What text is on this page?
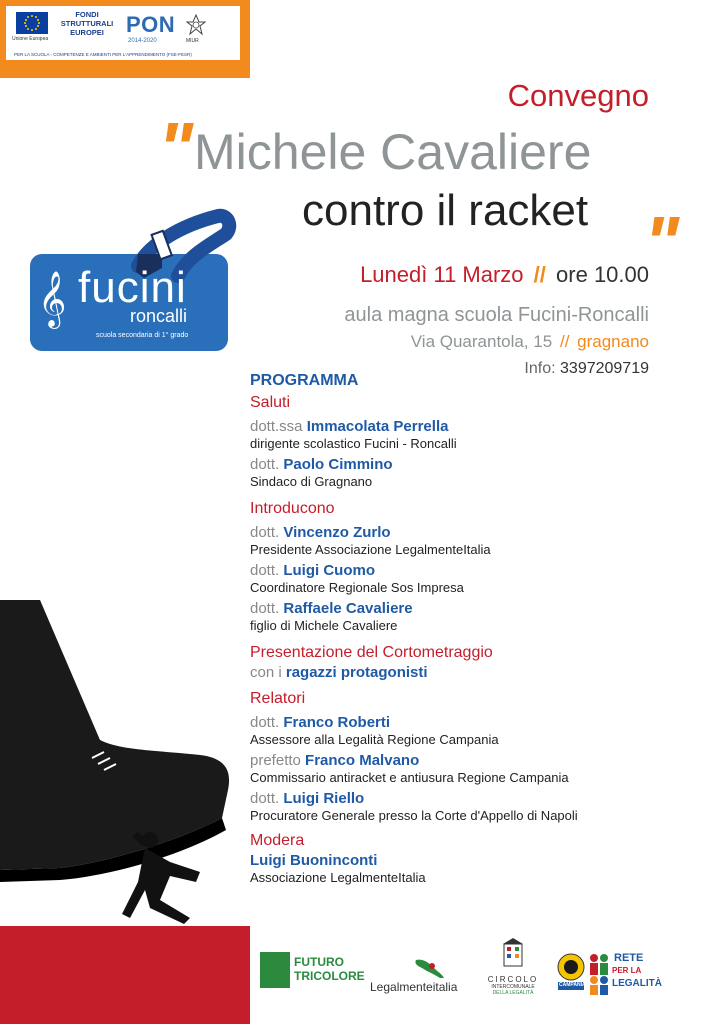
Unione Europea
FONDI STRUTTURALI EUROPEI	PON
2014-2020	MIUR
PER LA SCUOLA - COMPETENZE E AMBIENTI PER L'APPRENDIMENTO (FSE-FESR)
Convegno
" Michele Cavaliere
contro il racket "
Lunedì 11 Marzo // ore 10.00
aula magna scuola Fucini-Roncalli
Via Quarantola, 15 // gragnano
Info: 3397209719
𝄞 fucini
roncalli
scuola secondaria di 1° grado
PROGRAMMA
Saluti
dott.ssa Immacolata Perrella
dirigente scolastico Fucini - Roncalli
dott. Paolo Cimmino
Sindaco di Gragnano
Introducono
dott. Vincenzo Zurlo
Presidente Associazione LegalmenteItalia
dott. Luigi Cuomo
Coordinatore Regionale Sos Impresa
dott. Raffaele Cavaliere
figlio di Michele Cavaliere
Presentazione del Cortometraggio
con i ragazzi protagonisti
Relatori
dott. Franco Roberti
Assessore alla Legalità Regione Campania
prefetto Franco Malvano
Commissario antiracket e antiusura Regione Campania
dott. Luigi Riello
Procuratore Generale presso la Corte d'Appello di Napoli
Modera
Luigi Buoninconti
Associazione LegalmenteItalia
FUTURO
TRICOLORE
Legalmenteitalia
CIRCOLO
INTERCOMUNALE
DELLA LEGALITÀ
CAMPANIA
RETE
PER LA
LEGALITÀ
